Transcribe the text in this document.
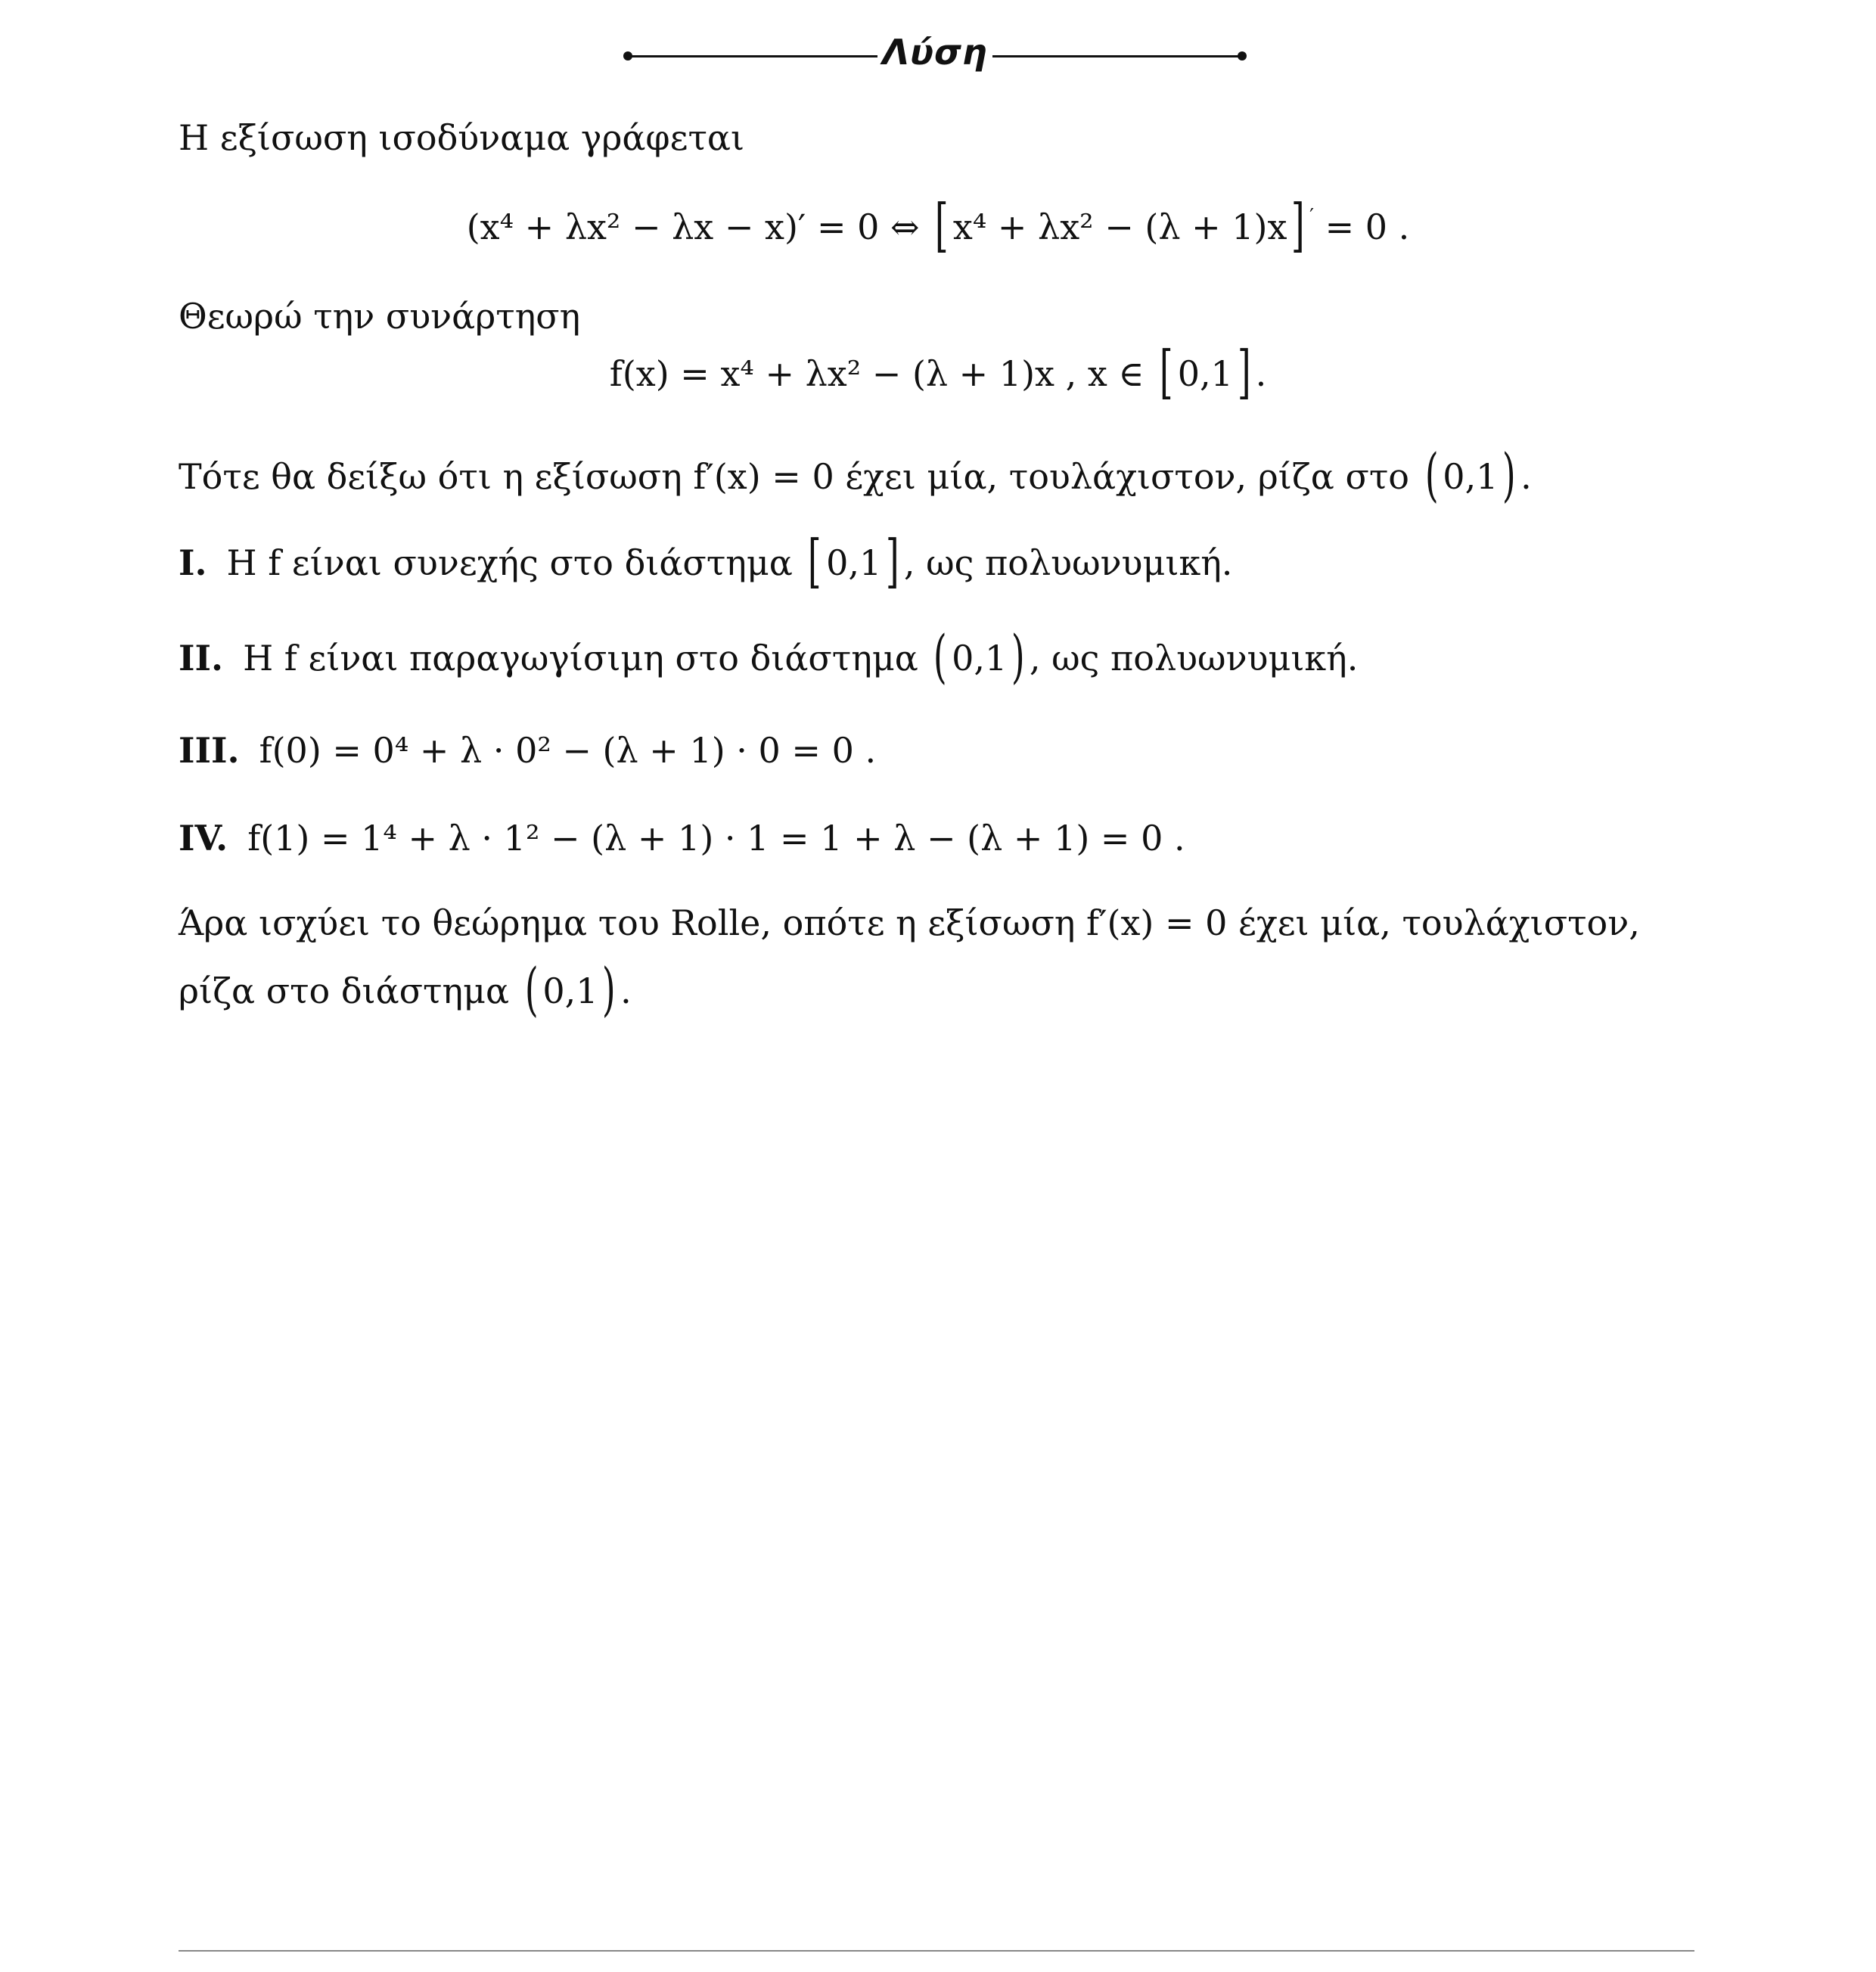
Λύση
Η εξίσωση ισοδύναμα γράφεται
(x⁴ + λx² − λx − x)′ = 0 ⇔ [ x⁴ + λx² − (λ + 1)x] ′ = 0 .
Θεωρώ την συνάρτηση
f(x) = x⁴ + λx² − (λ + 1)x , x ∈ [ 0,1] .
Τότε θα δείξω ότι η εξίσωση f′(x) = 0 έχει μία, τουλάχιστον, ρίζα στο ( 0,1) .
I. Η f είναι συνεχής στο διάστημα [ 0,1] , ως πολυωνυμική.
II. Η f είναι παραγωγίσιμη στο διάστημα ( 0,1) , ως πολυωνυμική.
III. f(0) = 0⁴ + λ · 0² − (λ + 1) · 0 = 0 .
IV. f(1) = 1⁴ + λ · 1² − (λ + 1) · 1 = 1 + λ − (λ + 1) = 0 .
Άρα ισχύει το θεώρημα του Rolle, οπότε η εξίσωση f′(x) = 0 έχει μία, τουλάχιστον,
ρίζα στο διάστημα ( 0,1) .
